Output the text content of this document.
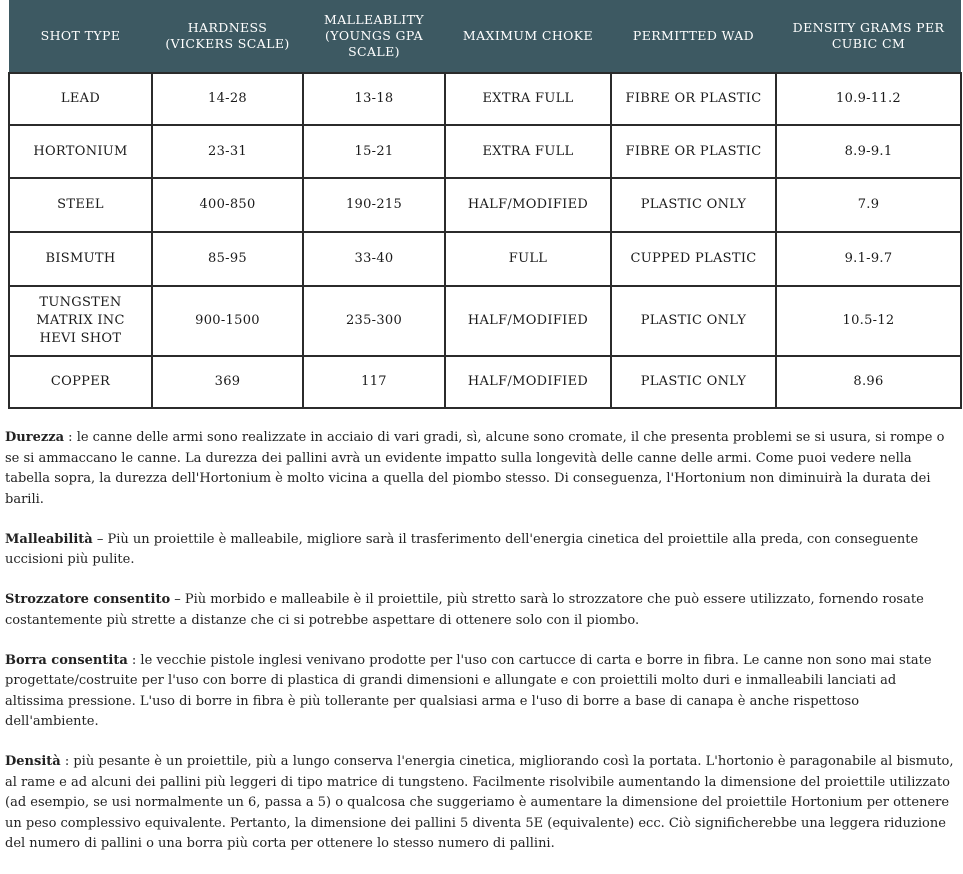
SHOT TYPE	HARDNESS (VICKERS SCALE)	MALLEABLITY (YOUNGS GPA SCALE)	MAXIMUM CHOKE	PERMITTED WAD	DENSITY GRAMS PER CUBIC CM
LEAD	14-28	13-18	EXTRA FULL	FIBRE OR PLASTIC	10.9-11.2
HORTONIUM	23-31	15-21	EXTRA FULL	FIBRE OR PLASTIC	8.9-9.1
STEEL	400-850	190-215	HALF/MODIFIED	PLASTIC ONLY	7.9
BISMUTH	85-95	33-40	FULL	CUPPED PLASTIC	9.1-9.7
TUNGSTEN MATRIX INC HEVI SHOT	900-1500	235-300	HALF/MODIFIED	PLASTIC ONLY	10.5-12
COPPER	369	117	HALF/MODIFIED	PLASTIC ONLY	8.96

Durezza : le canne delle armi sono realizzate in acciaio di vari gradi, sì, alcune sono cromate, il che presenta problemi se si usura, si rompe o se si ammaccano le canne. La durezza dei pallini avrà un evidente impatto sulla longevità delle canne delle armi. Come puoi vedere nella tabella sopra, la durezza dell'Hortonium è molto vicina a quella del piombo stesso. Di conseguenza, l'Hortonium non diminuirà la durata dei barili.

Malleabilità – Più un proiettile è malleabile, migliore sarà il trasferimento dell'energia cinetica del proiettile alla preda, con conseguente uccisioni più pulite.

Strozzatore consentito – Più morbido e malleabile è il proiettile, più stretto sarà lo strozzatore che può essere utilizzato, fornendo rosate costantemente più strette a distanze che ci si potrebbe aspettare di ottenere solo con il piombo.

Borra consentita : le vecchie pistole inglesi venivano prodotte per l'uso con cartucce di carta e borre in fibra. Le canne non sono mai state progettate/costruite per l'uso con borre di plastica di grandi dimensioni e allungate e con proiettili molto duri e inmalleabili lanciati ad altissima pressione. L'uso di borre in fibra è più tollerante per qualsiasi arma e l'uso di borre a base di canapa è anche rispettoso dell'ambiente.

Densità : più pesante è un proiettile, più a lungo conserva l'energia cinetica, migliorando così la portata. L'hortonio è paragonabile al bismuto, al rame e ad alcuni dei pallini più leggeri di tipo matrice di tungsteno. Facilmente risolvibile aumentando la dimensione del proiettile utilizzato (ad esempio, se usi normalmente un 6, passa a 5) o qualcosa che suggeriamo è aumentare la dimensione del proiettile Hortonium per ottenere un peso complessivo equivalente. Pertanto, la dimensione dei pallini 5 diventa 5E (equivalente) ecc. Ciò significherebbe una leggera riduzione del numero di pallini o una borra più corta per ottenere lo stesso numero di pallini.
